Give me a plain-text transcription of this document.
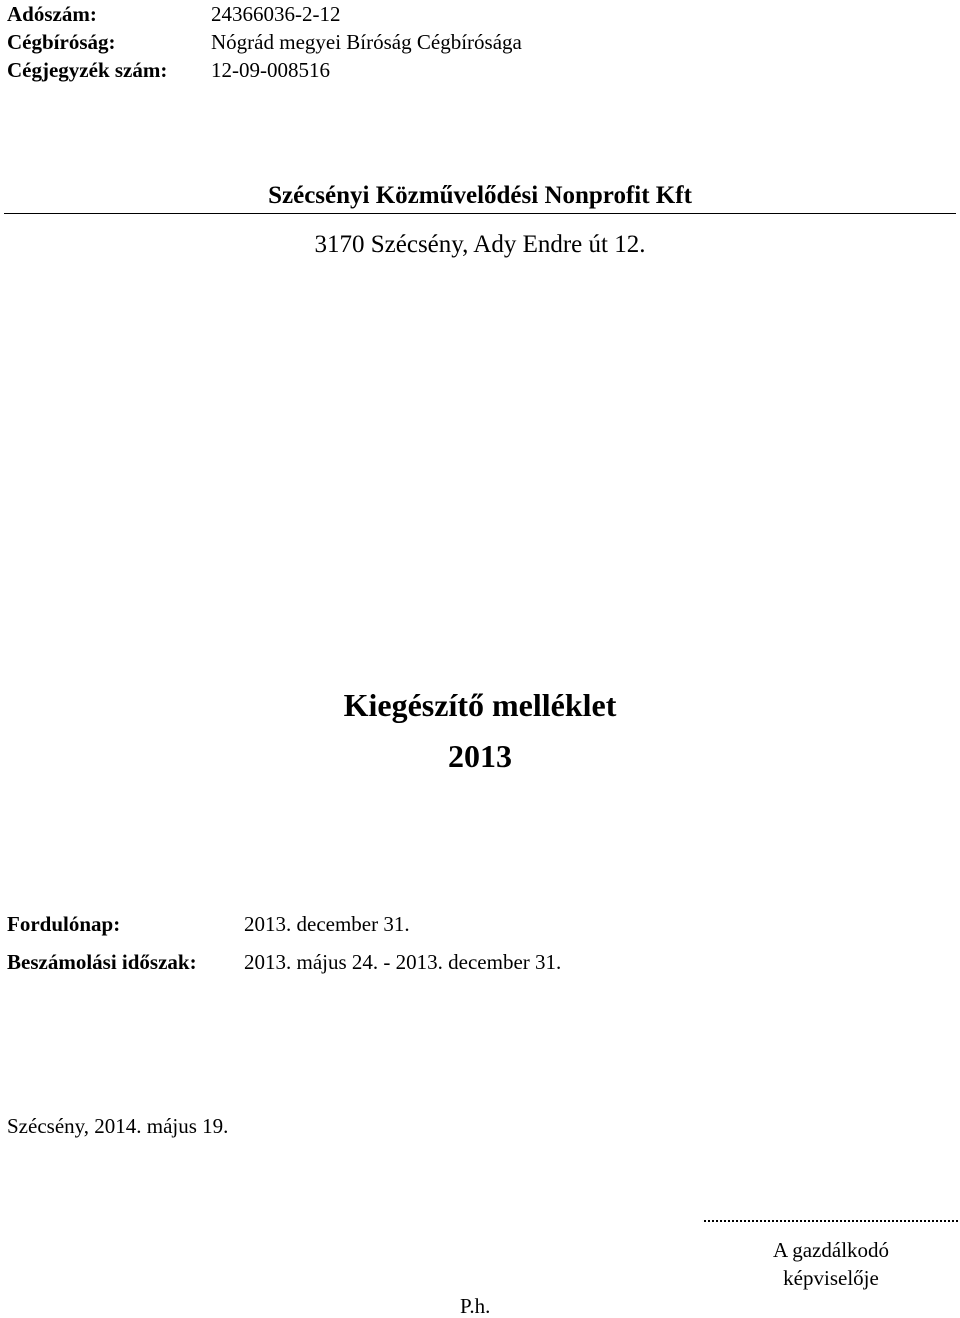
Adószám:	24366036-2-12
Cégbíróság:	Nógrád megyei Bíróság Cégbírósága
Cégjegyzék szám: 12-09-008516
Szécsényi Közművelődési Nonprofit Kft
3170 Szécsény, Ady Endre út 12.
Kiegészítő melléklet
2013
Fordulónap:	2013. december 31.
Beszámolási időszak: 2013. május 24. - 2013. december 31.
Szécsény, 2014. május 19.
A gazdálkodó
képviselője
P.h.
